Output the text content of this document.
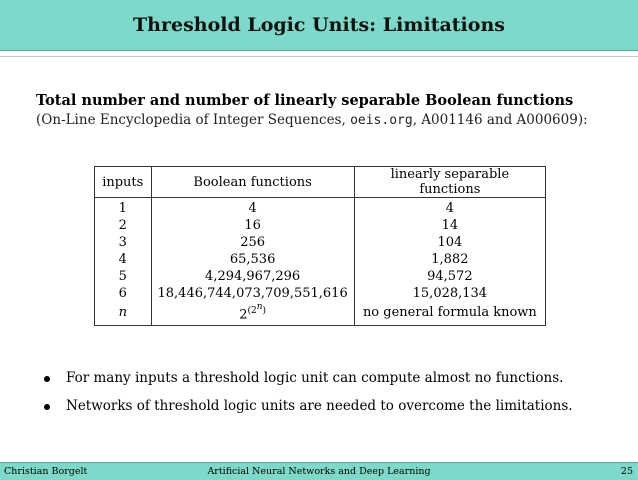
Threshold Logic Units: Limitations
Total number and number of linearly separable Boolean functions
(On-Line Encyclopedia of Integer Sequences, oeis.org, A001146 and A000609):
inputs	Boolean functions	linearly separable functions
1	4	4
2	16	14
3	256	104
4	65,536	1,882
5	4,294,967,296	94,572
6	18,446,744,073,709,551,616	15,028,134
n	$2^{(2^n)}$	no general formula known
For many inputs a threshold logic unit can compute almost no functions.
Networks of threshold logic units are needed to overcome the limitations.
Christian Borgelt	Artificial Neural Networks and Deep Learning	25
